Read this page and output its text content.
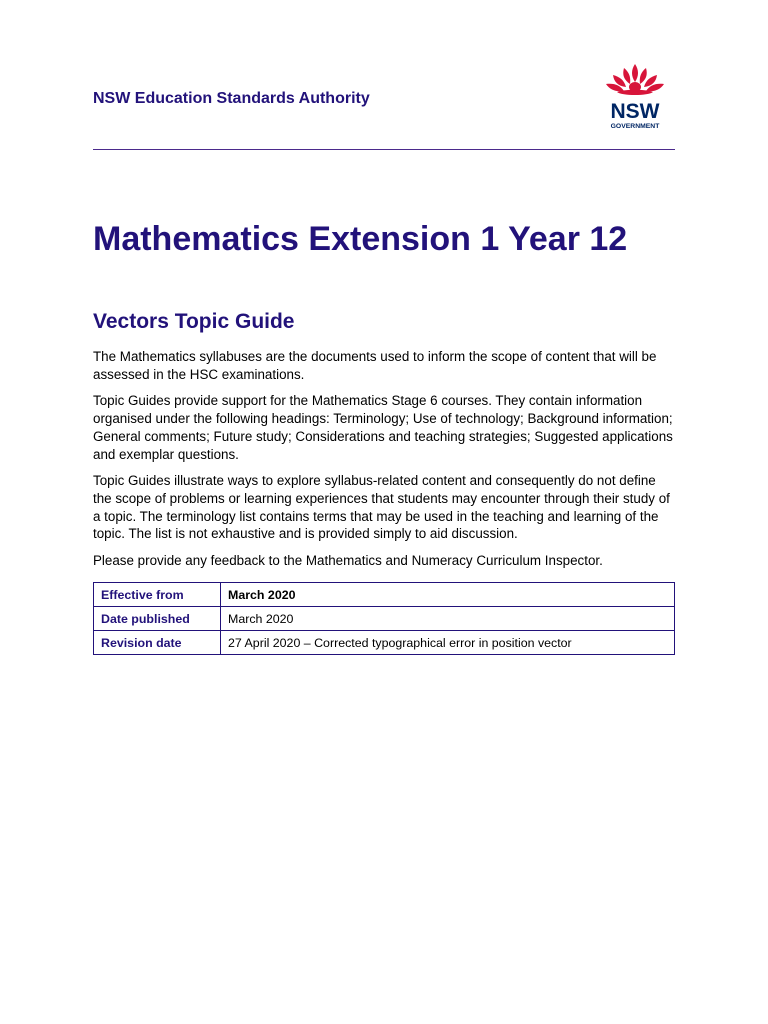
NSW Education Standards Authority
NSW
GOVERNMENT
Mathematics Extension 1 Year 12
Vectors Topic Guide

The Mathematics syllabuses are the documents used to inform the scope of content that will be assessed in the HSC examinations.

Topic Guides provide support for the Mathematics Stage 6 courses. They contain information organised under the following headings: Terminology; Use of technology; Background information; General comments; Future study; Considerations and teaching strategies; Suggested applications and exemplar questions.

Topic Guides illustrate ways to explore syllabus-related content and consequently do not define the scope of problems or learning experiences that students may encounter through their study of a topic. The terminology list contains terms that may be used in the teaching and learning of the topic. The list is not exhaustive and is provided simply to aid discussion.

Please provide any feedback to the Mathematics and Numeracy Curriculum Inspector.

Effective from	March 2020
Date published	March 2020
Revision date	27 April 2020 – Corrected typographical error in position vector
